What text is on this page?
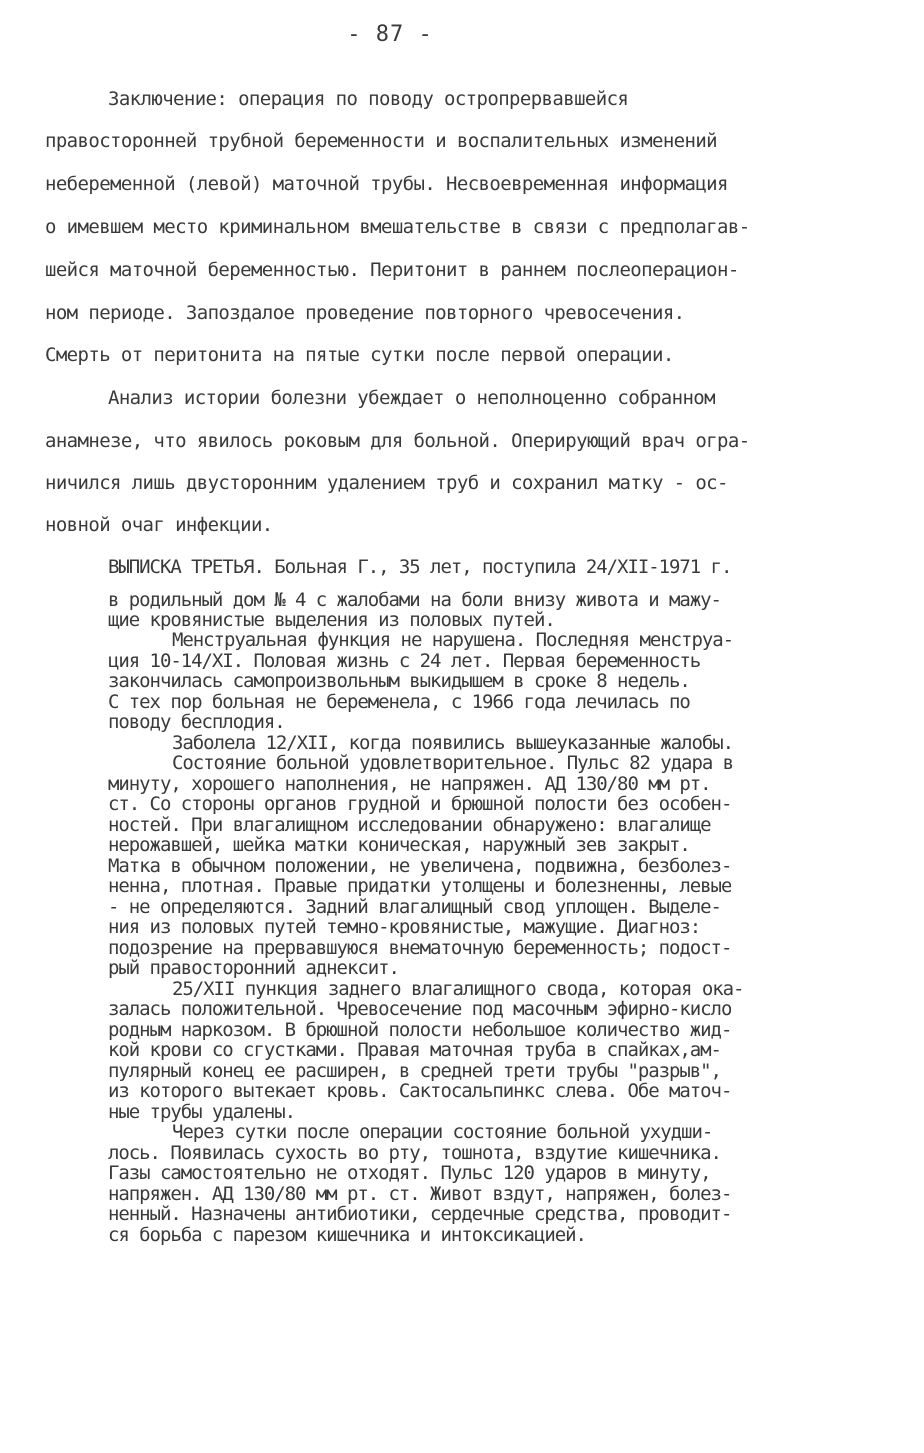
- 87 -
Заключение: операция по поводу остропрервавшейся
правосторонней трубной беременности и воспалительных изменений
небеременной (левой) маточной трубы. Несвоевременная информация
о имевшем место криминальном вмешательстве в связи с предполагав-
шейся маточной беременностью. Перитонит в раннем послеоперацион-
ном периоде. Запоздалое проведение повторного чревосечения.
Смерть от перитонита на пятые сутки после первой операции.
Анализ истории болезни убеждает о неполноценно собранном
анамнезе, что явилось роковым для больной. Оперирующий врач огра-
ничился лишь двусторонним удалением труб и сохранил матку - ос-
новной очаг инфекции.
ВЫПИСКА ТРЕТЬЯ. Больная Г., 35 лет, поступила 24/XII-1971 г.
в родильный дом № 4 с жалобами на боли внизу живота и мажу-
щие кровянистые выделения из половых путей.
Менструальная функция не нарушена. Последняя менструа-
ция 10-14/XI. Половая жизнь с 24 лет. Первая беременность
закончилась самопроизвольным выкидышем в сроке 8 недель.
С тех пор больная не беременела, с 1966 года лечилась по
поводу бесплодия.
Заболела 12/XII, когда появились вышеуказанные жалобы.
Состояние больной удовлетворительное. Пульс 82 удара в
минуту, хорошего наполнения, не напряжен. АД 130/80 мм рт.
ст. Со стороны органов грудной и брюшной полости без особен-
ностей. При влагалищном исследовании обнаружено: влагалище
нерожавшей, шейка матки коническая, наружный зев закрыт.
Матка в обычном положении, не увеличена, подвижна, безболез-
ненна, плотная. Правые придатки утолщены и болезненны, левые
- не определяются. Задний влагалищный свод уплощен. Выделе-
ния из половых путей темно-кровянистые, мажущие. Диагноз:
подозрение на прервавшуюся внематочную беременность; подост-
рый правосторонний аднексит.
25/XII пункция заднего влагалищного свода, которая ока-
залась положительной. Чревосечение под масочным эфирно-кисло
родным наркозом. В брюшной полости небольшое количество жид-
кой крови со сгустками. Правая маточная труба в спайках,ам-
пулярный конец ее расширен, в средней трети трубы "разрыв",
из которого вытекает кровь. Сактосальпинкс слева. Обе маточ-
ные трубы удалены.
Через сутки после операции состояние больной ухудши-
лось. Появилась сухость во рту, тошнота, вздутие кишечника.
Газы самостоятельно не отходят. Пульс 120 ударов в минуту,
напряжен. АД 130/80 мм рт. ст. Живот вздут, напряжен, болез-
ненный. Назначены антибиотики, сердечные средства, проводит-
ся борьба с парезом кишечника и интоксикацией.
